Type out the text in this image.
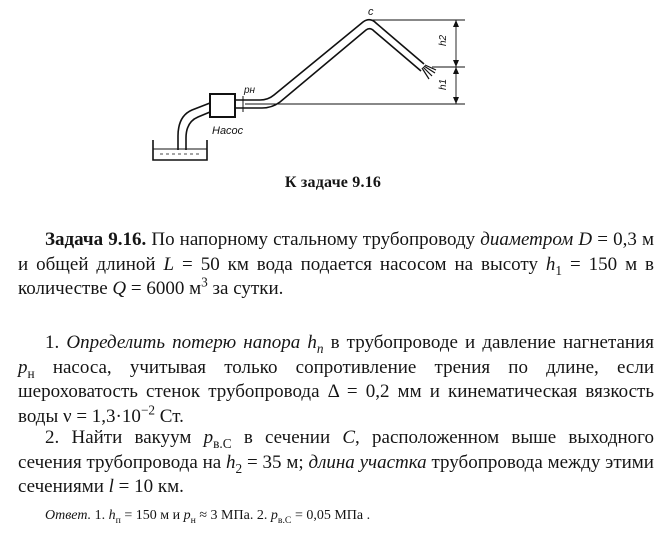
c
pн
Насос
h2
h1
К задаче 9.16
Задача 9.16. По напорному стальному трубопроводу диаметром D = 0,3 м и общей длиной L = 50 км вода подается насосом на высоту $h_1 = 150$ м в количестве Q = 6000 $м^3$ за сутки.
1. Определить потерю напора $h_п$ в трубопроводе и давление нагнетания $p_н$ насоса, учитывая только сопротивление трения по длине, если шероховатость стенок трубопровода Δ = 0,2 мм и кинематическая вязкость воды $\nu = 1,3\cdot 10^{-2}$ Ст.
2. Найти вакуум $p_{в.С}$ в сечении С, расположенном выше выходного сечения трубопровода на $h_2 = 35$ м; длина участка трубопровода между этими сечениями l = 10 км.
Ответ. 1. $h_п = 150$ м и $p_н \approx 3$ МПа. 2. $p_{в.С} = 0,05$ МПа .
